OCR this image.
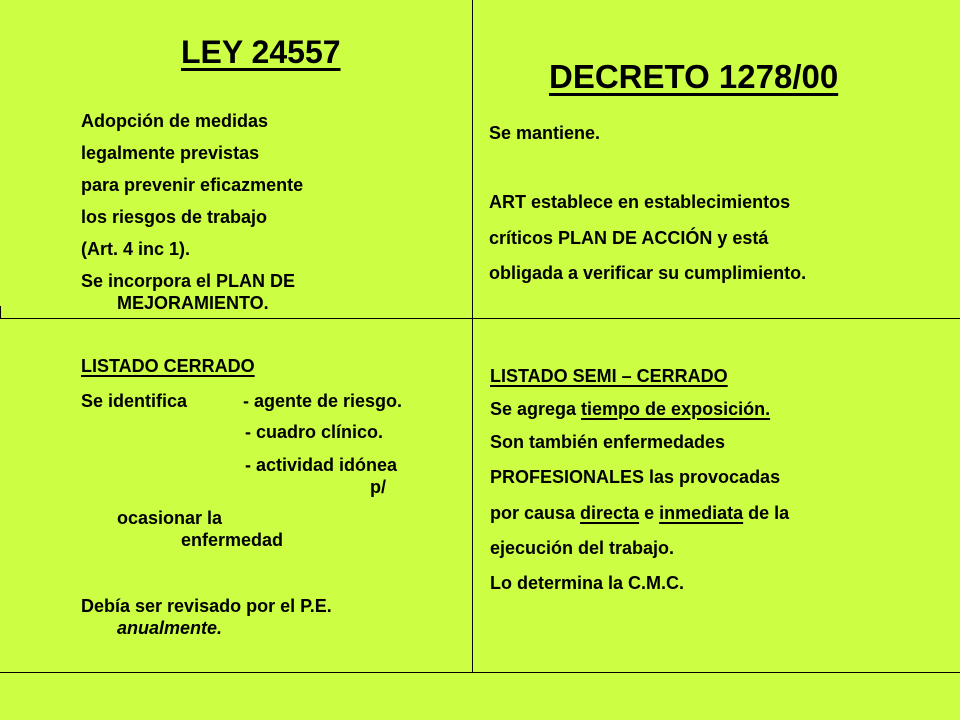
LEY 24557
Adopción de medidas
legalmente previstas
para prevenir eficazmente
los riesgos de trabajo
(Art. 4 inc 1).
Se incorpora el PLAN DE
MEJORAMIENTO.
LISTADO CERRADO
Se identifica	- agente de riesgo.
- cuadro clínico.
- actividad idónea
p/
ocasionar la
enfermedad
Debía ser revisado por el P.E.
anualmente.
DECRETO 1278/00
Se mantiene.
ART establece en establecimientos
críticos PLAN DE ACCIÓN y está
obligada a verificar su cumplimiento.
LISTADO SEMI – CERRADO
Se agrega tiempo de exposición.
Son también enfermedades
PROFESIONALES las provocadas
por causa directa e inmediata de la
ejecución del trabajo.
Lo determina la C.M.C.
